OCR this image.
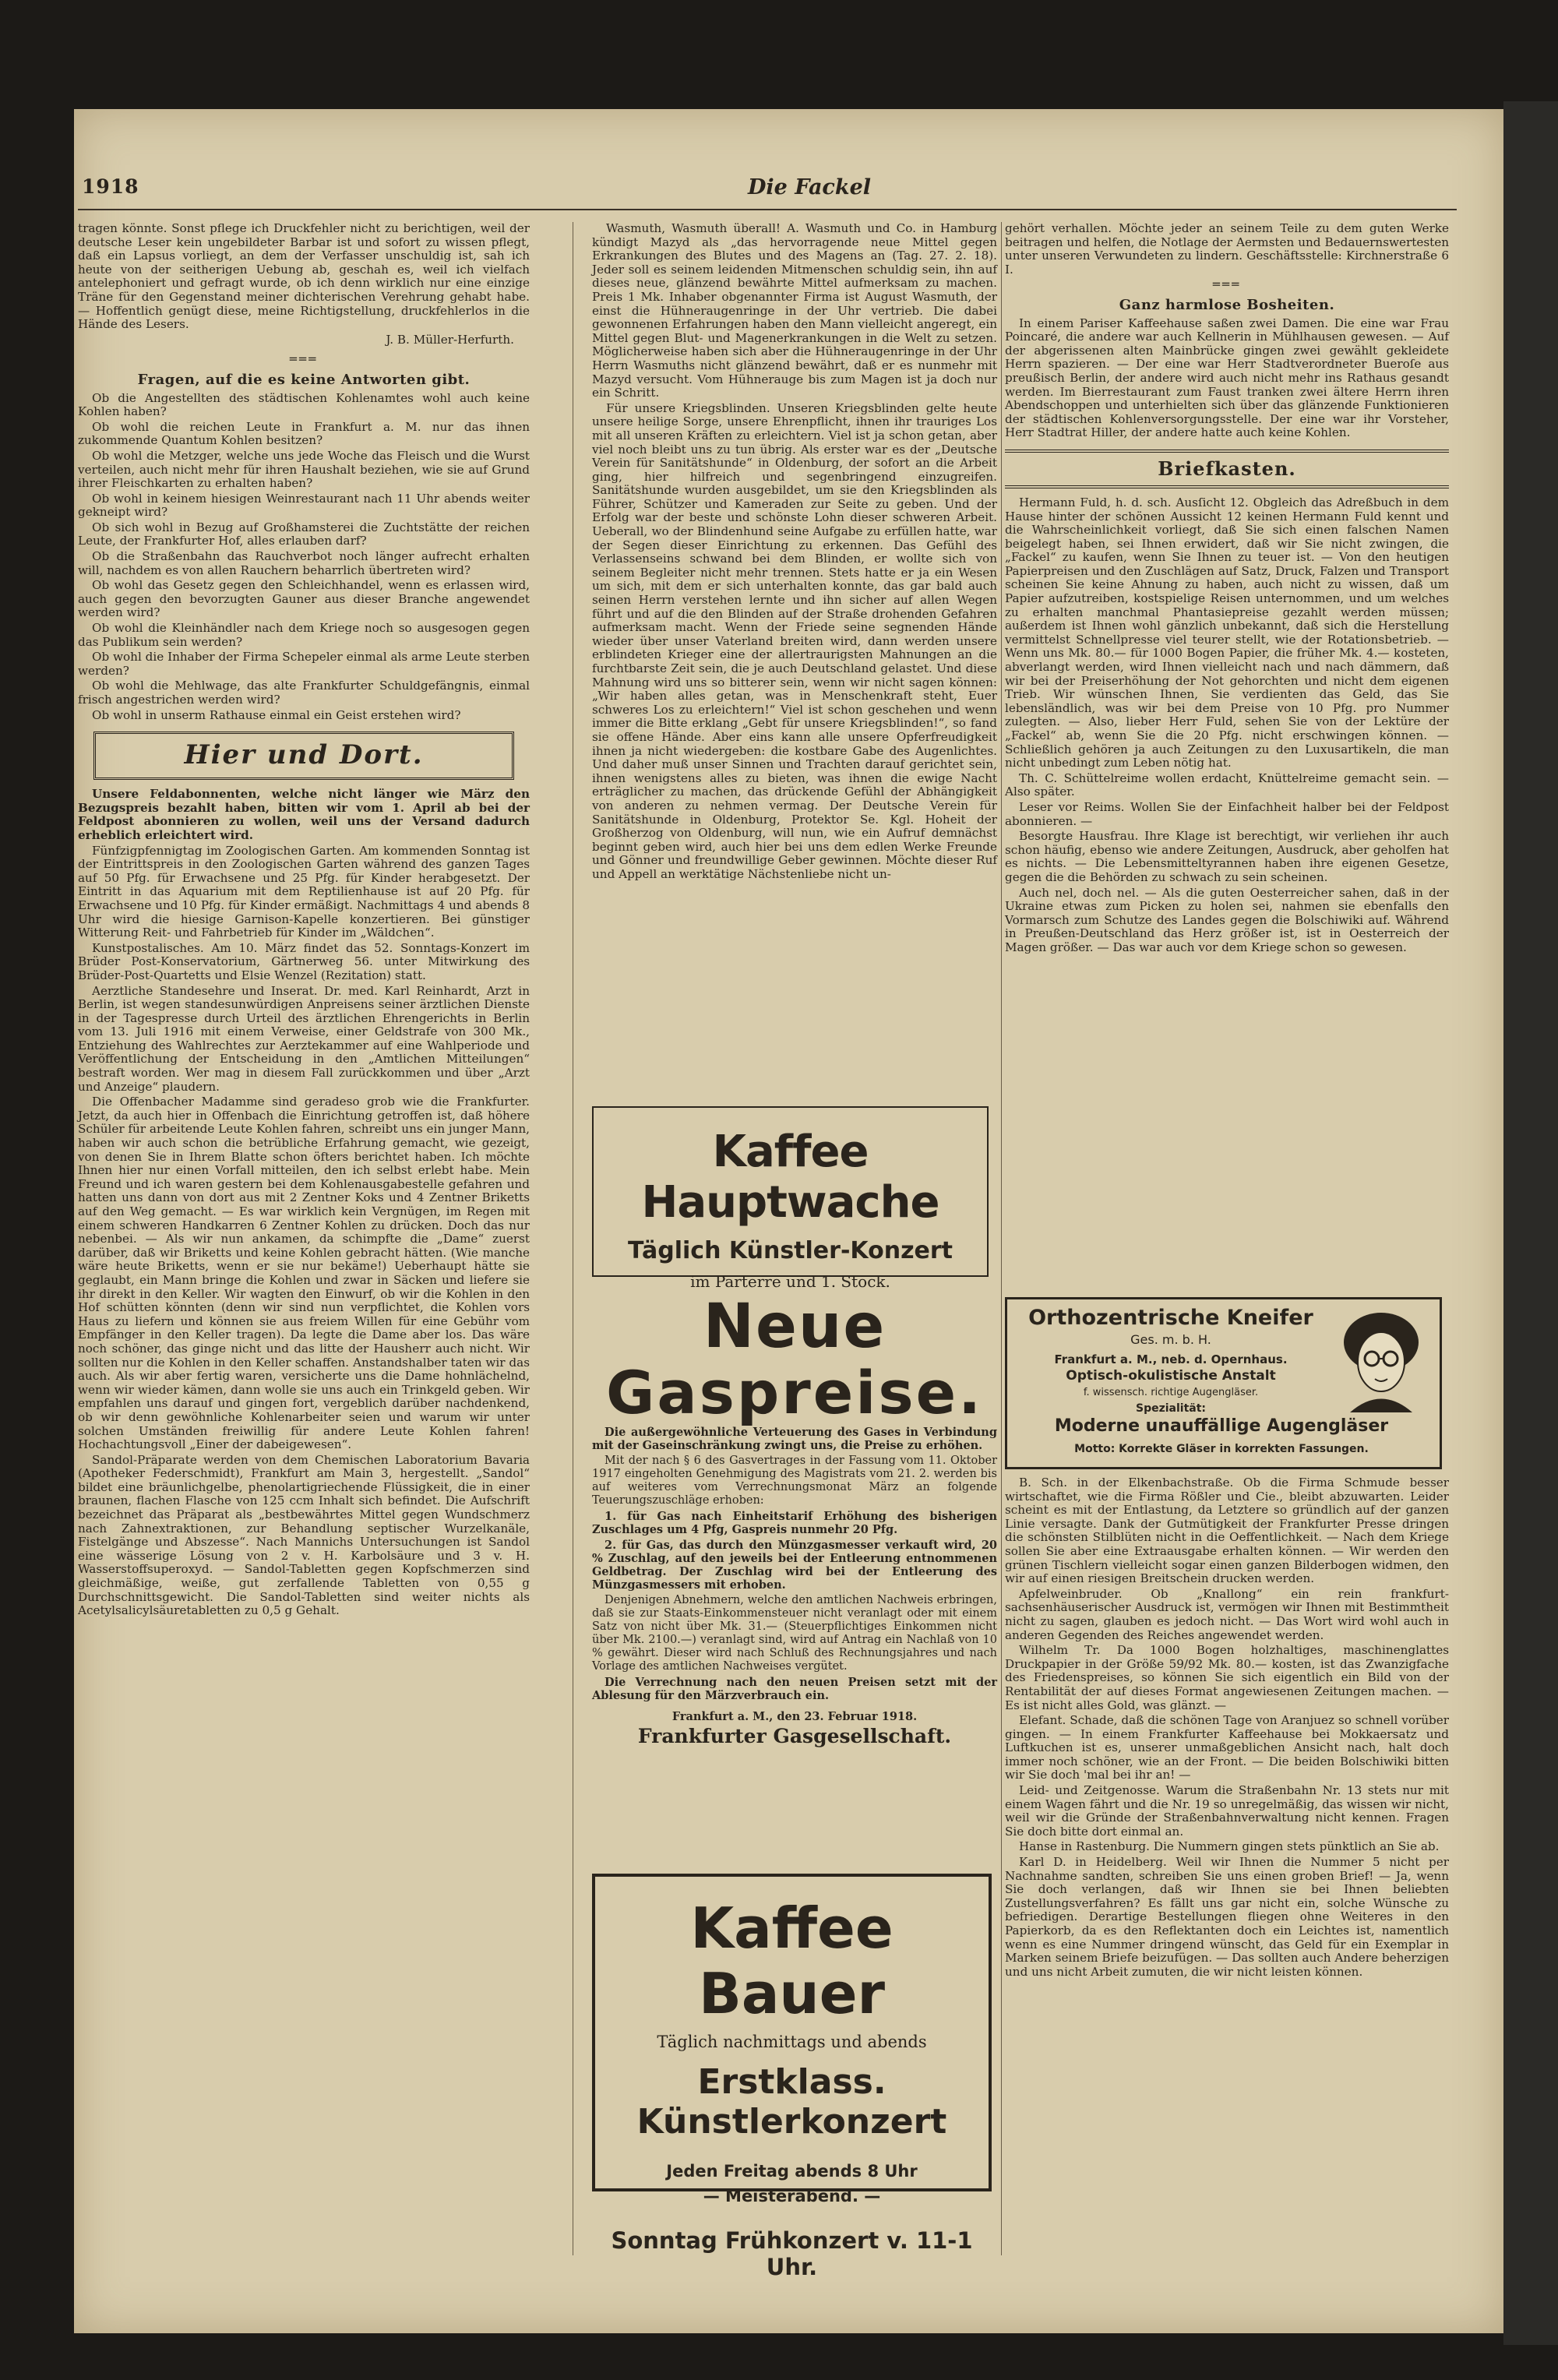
1918	Die Fackel

tragen könnte. Sonst pflege ich Druckfehler nicht zu berichtigen, weil der deutsche Leser kein ungebildeter Barbar ist und sofort zu wissen pflegt, daß ein Lapsus vorliegt, an dem der Verfasser unschuldig ist, sah ich heute von der seitherigen Uebung ab, geschah es, weil ich vielfach antelephoniert und gefragt wurde, ob ich denn wirklich nur eine einzige Träne für den Gegenstand meiner dichterischen Verehrung gehabt habe. — Hoffentlich genügt diese, meine Richtigstellung, druckfehlerlos in die Hände des Lesers.

J. B. Müller-Herfurth.
═══
Fragen, auf die es keine Antworten gibt.

Ob die Angestellten des städtischen Kohlenamtes wohl auch keine Kohlen haben?

Ob wohl die reichen Leute in Frankfurt a. M. nur das ihnen zukommende Quantum Kohlen besitzen?

Ob wohl die Metzger, welche uns jede Woche das Fleisch und die Wurst verteilen, auch nicht mehr für ihren Haushalt beziehen, wie sie auf Grund ihrer Fleischkarten zu erhalten haben?

Ob wohl in keinem hiesigen Weinrestaurant nach 11 Uhr abends weiter gekneipt wird?

Ob sich wohl in Bezug auf Großhamsterei die Zuchtstätte der reichen Leute, der Frankfurter Hof, alles erlauben darf?

Ob die Straßenbahn das Rauchverbot noch länger aufrecht erhalten will, nachdem es von allen Rauchern beharrlich übertreten wird?

Ob wohl das Gesetz gegen den Schleichhandel, wenn es erlassen wird, auch gegen den bevorzugten Gauner aus dieser Branche angewendet werden wird?

Ob wohl die Kleinhändler nach dem Kriege noch so ausgesogen gegen das Publikum sein werden?

Ob wohl die Inhaber der Firma Schepeler einmal als arme Leute sterben werden?

Ob wohl die Mehlwage, das alte Frankfurter Schuldgefängnis, einmal frisch angestrichen werden wird?

Ob wohl in unserm Rathause einmal ein Geist erstehen wird?

Hier und Dort.

Unsere Feldabonnenten, welche nicht länger wie März den Bezugspreis bezahlt haben, bitten wir vom 1. April ab bei der Feldpost abonnieren zu wollen, weil uns der Versand dadurch erheblich erleichtert wird.

Fünfzigpfennigtag im Zoologischen Garten. Am kommenden Sonntag ist der Eintrittspreis in den Zoologischen Garten während des ganzen Tages auf 50 Pfg. für Erwachsene und 25 Pfg. für Kinder herabgesetzt. Der Eintritt in das Aquarium mit dem Reptilienhause ist auf 20 Pfg. für Erwachsene und 10 Pfg. für Kinder ermäßigt. Nachmittags 4 und abends 8 Uhr wird die hiesige Garnison-Kapelle konzertieren. Bei günstiger Witterung Reit- und Fahrbetrieb für Kinder im „Wäldchen“.

Kunstpostalisches. Am 10. März findet das 52. Sonntags-Konzert im Brüder Post-Konservatorium, Gärtnerweg 56. unter Mitwirkung des Brüder-Post-Quartetts und Elsie Wenzel (Rezitation) statt.

Aerztliche Standesehre und Inserat. Dr. med. Karl Reinhardt, Arzt in Berlin, ist wegen standesunwürdigen Anpreisens seiner ärztlichen Dienste in der Tagespresse durch Urteil des ärztlichen Ehrengerichts in Berlin vom 13. Juli 1916 mit einem Verweise, einer Geldstrafe von 300 Mk., Entziehung des Wahlrechtes zur Aerztekammer auf eine Wahlperiode und Veröffentlichung der Entscheidung in den „Amtlichen Mitteilungen“ bestraft worden. Wer mag in diesem Fall zurückkommen und über „Arzt und Anzeige“ plaudern.

Die Offenbacher Madamme sind geradeso grob wie die Frankfurter. Jetzt, da auch hier in Offenbach die Einrichtung getroffen ist, daß höhere Schüler für arbeitende Leute Kohlen fahren, schreibt uns ein junger Mann, haben wir auch schon die betrübliche Erfahrung gemacht, wie gezeigt, von denen Sie in Ihrem Blatte schon öfters berichtet haben. Ich möchte Ihnen hier nur einen Vorfall mitteilen, den ich selbst erlebt habe. Mein Freund und ich waren gestern bei dem Kohlenausgabestelle gefahren und hatten uns dann von dort aus mit 2 Zentner Koks und 4 Zentner Briketts auf den Weg gemacht. — Es war wirklich kein Vergnügen, im Regen mit einem schweren Handkarren 6 Zentner Kohlen zu drücken. Doch das nur nebenbei. — Als wir nun ankamen, da schimpfte die „Dame“ zuerst darüber, daß wir Briketts und keine Kohlen gebracht hätten. (Wie manche wäre heute Briketts, wenn er sie nur bekäme!) Ueberhaupt hätte sie geglaubt, ein Mann bringe die Kohlen und zwar in Säcken und liefere sie ihr direkt in den Keller. Wir wagten den Einwurf, ob wir die Kohlen in den Hof schütten könnten (denn wir sind nun verpflichtet, die Kohlen vors Haus zu liefern und können sie aus freiem Willen für eine Gebühr vom Empfänger in den Keller tragen). Da legte die Dame aber los. Das wäre noch schöner, das ginge nicht und das litte der Hausherr auch nicht. Wir sollten nur die Kohlen in den Keller schaffen. Anstandshalber taten wir das auch. Als wir aber fertig waren, versicherte uns die Dame hohnlächelnd, wenn wir wieder kämen, dann wolle sie uns auch ein Trinkgeld geben. Wir empfahlen uns darauf und gingen fort, vergeblich darüber nachdenkend, ob wir denn gewöhnliche Kohlenarbeiter seien und warum wir unter solchen Umständen freiwillig für andere Leute Kohlen fahren! Hochachtungsvoll „Einer der dabeigewesen“.

Sandol-Präparate werden von dem Chemischen Laboratorium Bavaria (Apotheker Federschmidt), Frankfurt am Main 3, hergestellt. „Sandol“ bildet eine bräunlichgelbe, phenolartigriechende Flüssigkeit, die in einer braunen, flachen Flasche von 125 ccm Inhalt sich befindet. Die Aufschrift bezeichnet das Präparat als „bestbewährtes Mittel gegen Wundschmerz nach Zahnextraktionen, zur Behandlung septischer Wurzelkanäle, Fistelgänge und Abszesse“. Nach Mannichs Untersuchungen ist Sandol eine wässerige Lösung von 2 v. H. Karbolsäure und 3 v. H. Wasserstoffsuperoxyd. — Sandol-Tabletten gegen Kopfschmerzen sind gleichmäßige, weiße, gut zerfallende Tabletten von 0,55 g Durchschnittsgewicht. Die Sandol-Tabletten sind weiter nichts als Acetylsalicylsäuretabletten zu 0,5 g Gehalt.

Wasmuth, Wasmuth überall! A. Wasmuth und Co. in Hamburg kündigt Mazyd als „das hervorragende neue Mittel gegen Erkrankungen des Blutes und des Magens an (Tag. 27. 2. 18). Jeder soll es seinem leidenden Mitmenschen schuldig sein, ihn auf dieses neue, glänzend bewährte Mittel aufmerksam zu machen. Preis 1 Mk. Inhaber obgenannter Firma ist August Wasmuth, der einst die Hühneraugenringe in der Uhr vertrieb. Die dabei gewonnenen Erfahrungen haben den Mann vielleicht angeregt, ein Mittel gegen Blut- und Magenerkrankungen in die Welt zu setzen. Möglicherweise haben sich aber die Hühneraugenringe in der Uhr Herrn Wasmuths nicht glänzend bewährt, daß er es nunmehr mit Mazyd versucht. Vom Hühnerauge bis zum Magen ist ja doch nur ein Schritt.

Für unsere Kriegsblinden. Unseren Kriegsblinden gelte heute unsere heilige Sorge, unsere Ehrenpflicht, ihnen ihr trauriges Los mit all unseren Kräften zu erleichtern. Viel ist ja schon getan, aber viel noch bleibt uns zu tun übrig. Als erster war es der „Deutsche Verein für Sanitätshunde“ in Oldenburg, der sofort an die Arbeit ging, hier hilfreich und segenbringend einzugreifen. Sanitätshunde wurden ausgebildet, um sie den Kriegsblinden als Führer, Schützer und Kameraden zur Seite zu geben. Und der Erfolg war der beste und schönste Lohn dieser schweren Arbeit. Ueberall, wo der Blindenhund seine Aufgabe zu erfüllen hatte, war der Segen dieser Einrichtung zu erkennen. Das Gefühl des Verlassenseins schwand bei dem Blinden, er wollte sich von seinem Begleiter nicht mehr trennen. Stets hatte er ja ein Wesen um sich, mit dem er sich unterhalten konnte, das gar bald auch seinen Herrn verstehen lernte und ihn sicher auf allen Wegen führt und auf die den Blinden auf der Straße drohenden Gefahren aufmerksam macht. Wenn der Friede seine segnenden Hände wieder über unser Vaterland breiten wird, dann werden unsere erblindeten Krieger eine der allertraurigsten Mahnungen an die furchtbarste Zeit sein, die je auch Deutschland gelastet. Und diese Mahnung wird uns so bitterer sein, wenn wir nicht sagen können: „Wir haben alles getan, was in Menschenkraft steht, Euer schweres Los zu erleichtern!“ Viel ist schon geschehen und wenn immer die Bitte erklang „Gebt für unsere Kriegsblinden!“, so fand sie offene Hände. Aber eins kann alle unsere Opferfreudigkeit ihnen ja nicht wiedergeben: die kostbare Gabe des Augenlichtes. Und daher muß unser Sinnen und Trachten darauf gerichtet sein, ihnen wenigstens alles zu bieten, was ihnen die ewige Nacht erträglicher zu machen, das drückende Gefühl der Abhängigkeit von anderen zu nehmen vermag. Der Deutsche Verein für Sanitätshunde in Oldenburg, Protektor Se. Kgl. Hoheit der Großherzog von Oldenburg, will nun, wie ein Aufruf demnächst beginnt geben wird, auch hier bei uns dem edlen Werke Freunde und Gönner und freundwillige Geber gewinnen. Möchte dieser Ruf und Appell an werktätige Nächstenliebe nicht un-

Kaffee Hauptwache
Täglich Künstler-Konzert
im Parterre und 1. Stock.
Neue
Gaspreise.

Die außergewöhnliche Verteuerung des Gases in Verbindung mit der Gaseinschränkung zwingt uns, die Preise zu erhöhen.

Mit der nach § 6 des Gasvertrages in der Fassung vom 11. Oktober 1917 eingeholten Genehmigung des Magistrats vom 21. 2. werden bis auf weiteres vom Verrechnungsmonat März an folgende Teuerungszuschläge erhoben:

1. für Gas nach Einheitstarif Erhöhung des bisherigen Zuschlages um 4 Pfg, Gaspreis nunmehr 20 Pfg.

2. für Gas, das durch den Münzgasmesser verkauft wird, 20 % Zuschlag, auf den jeweils bei der Entleerung entnommenen Geldbetrag. Der Zuschlag wird bei der Entleerung des Münzgasmessers mit erhoben.

Denjenigen Abnehmern, welche den amtlichen Nachweis erbringen, daß sie zur Staats-Einkommensteuer nicht veranlagt oder mit einem Satz von nicht über Mk. 31.— (Steuerpflichtiges Einkommen nicht über Mk. 2100.—) veranlagt sind, wird auf Antrag ein Nachlaß von 10 % gewährt. Dieser wird nach Schluß des Rechnungsjahres und nach Vorlage des amtlichen Nachweises vergütet.

Die Verrechnung nach den neuen Preisen setzt mit der Ablesung für den Märzverbrauch ein.

Frankfurt a. M., den 23. Februar 1918.
Frankfurter Gasgesellschaft.
Kaffee Bauer
Täglich nachmittags und abends
Erstklass. Künstlerkonzert
Jeden Freitag abends 8 Uhr
— Meisterabend. —
Sonntag Frühkonzert v. 11-1 Uhr.

gehört verhallen. Möchte jeder an seinem Teile zu dem guten Werke beitragen und helfen, die Notlage der Aermsten und Bedauernswertesten unter unseren Verwundeten zu lindern. Geschäftsstelle: Kirchnerstraße 6 I.

═══
Ganz harmlose Bosheiten.

In einem Pariser Kaffeehause saßen zwei Damen. Die eine war Frau Poincaré, die andere war auch Kellnerin in Mühlhausen gewesen. — Auf der abgerissenen alten Mainbrücke gingen zwei gewählt gekleidete Herrn spazieren. — Der eine war Herr Stadtverordneter Bueroſe aus preußisch Berlin, der andere wird auch nicht mehr ins Rathaus gesandt werden. Im Bierrestaurant zum Faust tranken zwei ältere Herrn ihren Abendschoppen und unterhielten sich über das glänzende Funktionieren der städtischen Kohlenversorgungsstelle. Der eine war ihr Vorsteher, Herr Stadtrat Hiller, der andere hatte auch keine Kohlen.

Briefkasten.

Hermann Fuld, h. d. sch. Ausſicht 12. Obgleich das Adreßbuch in dem Hause hinter der schönen Aussicht 12 keinen Hermann Fuld kennt und die Wahrscheinlichkeit vorliegt, daß Sie sich einen falschen Namen beigelegt haben, sei Ihnen erwidert, daß wir Sie nicht zwingen, die „Fackel“ zu kaufen, wenn Sie Ihnen zu teuer ist. — Von den heutigen Papierpreisen und den Zuschlägen auf Satz, Druck, Falzen und Transport scheinen Sie keine Ahnung zu haben, auch nicht zu wissen, daß um Papier aufzutreiben, kostspielige Reisen unternommen, und um welches zu erhalten manchmal Phantasiepreise gezahlt werden müssen; außerdem ist Ihnen wohl gänzlich unbekannt, daß sich die Herstellung vermittelst Schnellpresse viel teurer stellt, wie der Rotationsbetrieb. — Wenn uns Mk. 80.— für 1000 Bogen Papier, die früher Mk. 4.— kosteten, abverlangt werden, wird Ihnen vielleicht nach und nach dämmern, daß wir bei der Preiserhöhung der Not gehorchten und nicht dem eigenen Trieb. Wir wünschen Ihnen, Sie verdienten das Geld, das Sie lebensländlich, was wir bei dem Preise von 10 Pfg. pro Nummer zulegten. — Also, lieber Herr Fuld, sehen Sie von der Lektüre der „Fackel“ ab, wenn Sie die 20 Pfg. nicht erschwingen können. — Schließlich gehören ja auch Zeitungen zu den Luxusartikeln, die man nicht unbedingt zum Leben nötig hat.

Th. C. Schüttelreime wollen erdacht, Knüttelreime gemacht sein. — Also später.

Leser vor Reims. Wollen Sie der Einfachheit halber bei der Feldpost abonnieren. —

Besorgte Hausfrau. Ihre Klage ist berechtigt, wir verliehen ihr auch schon häufig, ebenso wie andere Zeitungen, Ausdruck, aber geholfen hat es nichts. — Die Lebensmitteltyrannen haben ihre eigenen Gesetze, gegen die die Behörden zu schwach zu sein scheinen.

Auch nel, doch nel. — Als die guten Oesterreicher sahen, daß in der Ukraine etwas zum Picken zu holen sei, nahmen sie ebenfalls den Vormarsch zum Schutze des Landes gegen die Bolschiwiki auf. Während in Preußen-Deutschland das Herz größer ist, ist in Oesterreich der Magen größer. — Das war auch vor dem Kriege schon so gewesen.

Orthozentrische Kneifer
Ges. m. b. H.
Frankfurt a. M., neb. d. Opernhaus.
Optisch-okulistische Anstalt
f. wissensch. richtige Augengläser.
Spezialität:
Moderne unauffällige Augengläser
Motto: Korrekte Gläser in korrekten Fassungen.

B. Sch. in der Elkenbachstraße. Ob die Firma Schmude besser wirtschaftet, wie die Firma Rößler und Cie., bleibt abzuwarten. Leider scheint es mit der Entlastung, da Letztere so gründlich auf der ganzen Linie versagte. Dank der Gutmütigkeit der Frankfurter Presse dringen die schönsten Stilblüten nicht in die Oeffentlichkeit. — Nach dem Kriege sollen Sie aber eine Extraausgabe erhalten können. — Wir werden den grünen Tischlern vielleicht sogar einen ganzen Bilderbogen widmen, den wir auf einen riesigen Breitschein drucken werden.

Apfelweinbruder. Ob „Knallong“ ein rein frankfurt-sachsenhäuserischer Ausdruck ist, vermögen wir Ihnen mit Bestimmtheit nicht zu sagen, glauben es jedoch nicht. — Das Wort wird wohl auch in anderen Gegenden des Reiches angewendet werden.

Wilhelm Tr. Da 1000 Bogen holzhaltiges, maschinenglattes Druckpapier in der Größe 59/92 Mk. 80.— kosten, ist das Zwanzigfache des Friedenspreises, so können Sie sich eigentlich ein Bild von der Rentabilität der auf dieses Format angewiesenen Zeitungen machen. — Es ist nicht alles Gold, was glänzt. —

Elefant. Schade, daß die schönen Tage von Aranjuez so schnell vorüber gingen. — In einem Frankfurter Kaffeehause bei Mokkaersatz und Luftkuchen ist es, unserer unmaßgeblichen Ansicht nach, halt doch immer noch schöner, wie an der Front. — Die beiden Bolschiwiki bitten wir Sie doch 'mal bei ihr an! —

Leid- und Zeitgenosse. Warum die Straßenbahn Nr. 13 stets nur mit einem Wagen fährt und die Nr. 19 so unregelmäßig, das wissen wir nicht, weil wir die Gründe der Straßenbahnverwaltung nicht kennen. Fragen Sie doch bitte dort einmal an.

Hanse in Rastenburg. Die Nummern gingen stets pünktlich an Sie ab.

Karl D. in Heidelberg. Weil wir Ihnen die Nummer 5 nicht per Nachnahme sandten, schreiben Sie uns einen groben Brief! — Ja, wenn Sie doch verlangen, daß wir Ihnen sie bei Ihnen beliebten Zustellungsverfahren? Es fällt uns gar nicht ein, solche Wünsche zu befriedigen. Derartige Bestellungen fliegen ohne Weiteres in den Papierkorb, da es den Reflektanten doch ein Leichtes ist, namentlich wenn es eine Nummer dringend wünscht, das Geld für ein Exemplar in Marken seinem Briefe beizufügen. — Das sollten auch Andere beherzigen und uns nicht Arbeit zumuten, die wir nicht leisten können.
